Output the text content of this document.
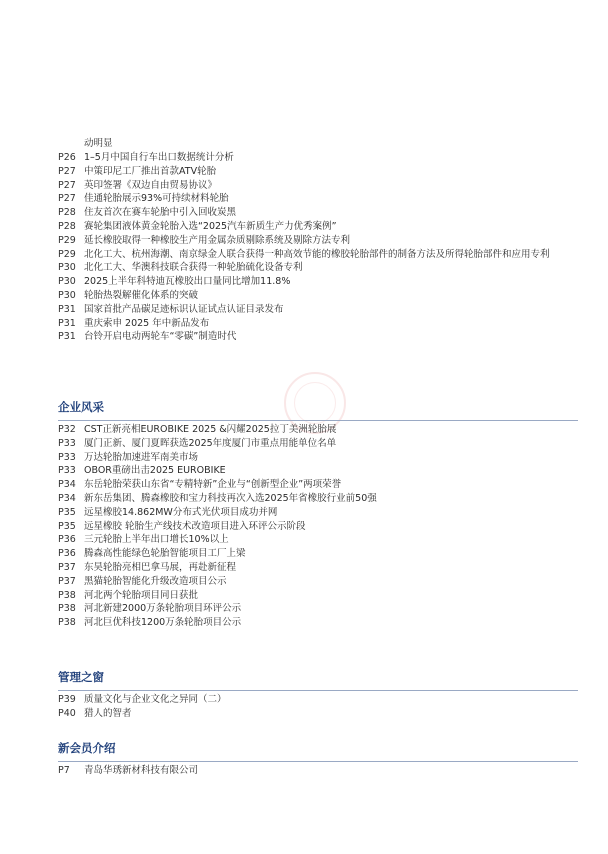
动明显
P26 1–5月中国自行车出口数据统计分析
P27 中策印尼工厂推出首款ATV轮胎
P27 英印签署《双边自由贸易协议》
P27 佳通轮胎展示93%可持续材料轮胎
P28 住友首次在赛车轮胎中引入回收炭黑
P28 赛轮集团液体黄金轮胎入选“2025汽车新质生产力优秀案例”
P29 延长橡胶取得一种橡胶生产用金属杂质剔除系统及剔除方法专利
P29 北化工大、杭州海潮、南京绿金人联合获得一种高效节能的橡胶轮胎部件的制备方法及所得轮胎部件和应用专利
P30 北化工大、华澳科技联合获得一种轮胎硫化设备专利
P30 2025上半年科特迪瓦橡胶出口量同比增加11.8%
P30 轮胎热裂解催化体系的突破
P31 国家首批产品碳足迹标识认证试点认证目录发布
P31 重庆索申 2025 年中新品发布
P31 台铃开启电动两轮车“零碳”制造时代
企业风采
P32 CST正新亮相EUROBIKE 2025 &闪耀2025拉丁美洲轮胎展
P33 厦门正新、厦门夏晖获选2025年度厦门市重点用能单位名单
P33 万达轮胎加速进军南美市场
P33 OBOR重磅出击2025 EUROBIKE
P34 东岳轮胎荣获山东省“专精特新”企业与“创新型企业”两项荣誉
P34 新东岳集团、腾森橡胶和宝力科技再次入选2025年省橡胶行业前50强
P35 远星橡胶14.862MW分布式光伏项目成功并网
P35 远星橡胶 轮胎生产线技术改造项目进入环评公示阶段
P36 三元轮胎上半年出口增长10%以上
P36 腾森高性能绿色轮胎智能项目工厂上梁
P37 东昊轮胎亮相巴拿马展，再赴新征程
P37 黑猫轮胎智能化升级改造项目公示
P38 河北两个轮胎项目同日获批
P38 河北新建2000万条轮胎项目环评公示
P38 河北巨优科技1200万条轮胎项目公示
管理之窗
P39 质量文化与企业文化之异同（二）
P40 猎人的智者
新会员介绍
P7	青岛华琇新材科技有限公司
